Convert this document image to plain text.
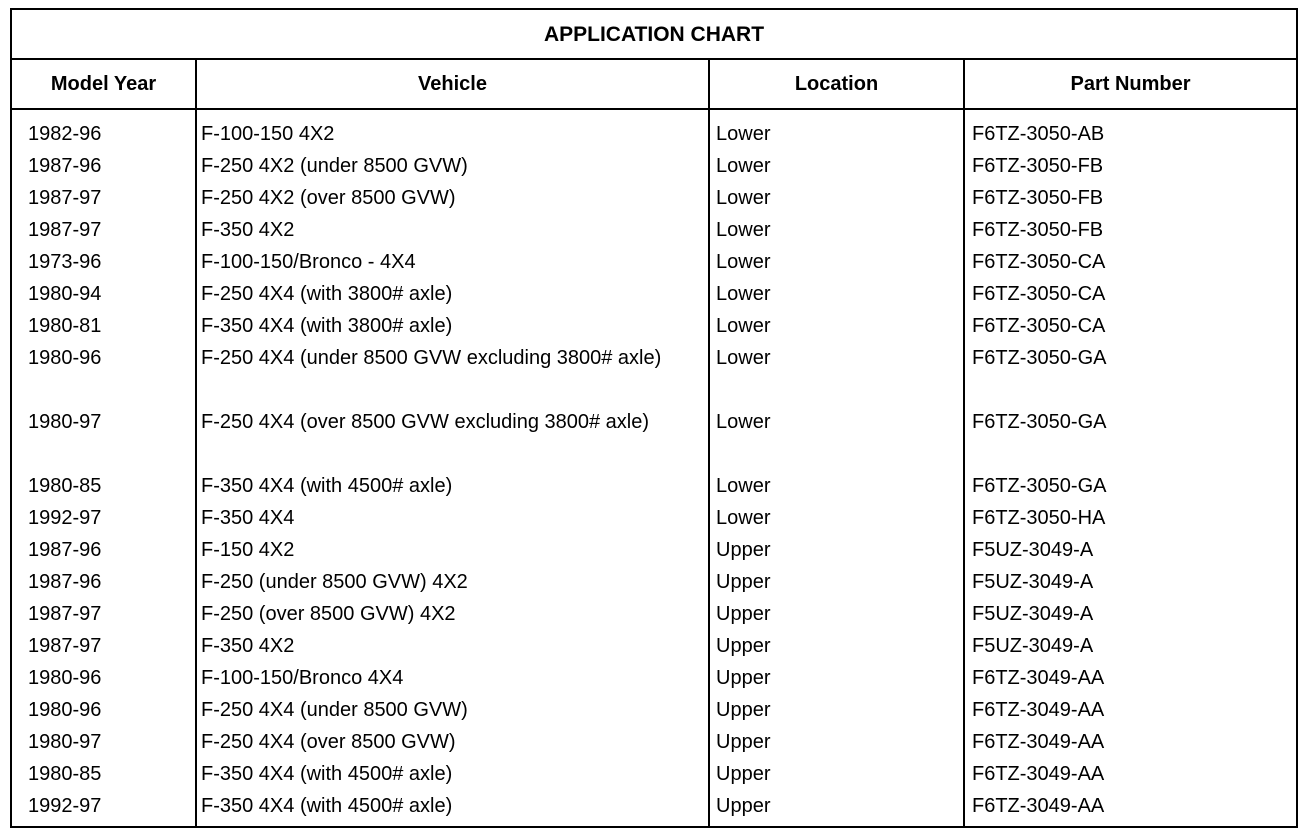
APPLICATION CHART
Model Year	Vehicle	Location	Part Number
1982-96	F-100-150 4X2	Lower	F6TZ-3050-AB
1987-96	F-250 4X2 (under 8500 GVW)	Lower	F6TZ-3050-FB
1987-97	F-250 4X2 (over 8500 GVW)	Lower	F6TZ-3050-FB
1987-97	F-350 4X2	Lower	F6TZ-3050-FB
1973-96	F-100-150/Bronco - 4X4	Lower	F6TZ-3050-CA
1980-94	F-250 4X4 (with 3800# axle)	Lower	F6TZ-3050-CA
1980-81	F-350 4X4 (with 3800# axle)	Lower	F6TZ-3050-CA
1980-96	F-250 4X4 (under 8500 GVW excluding 3800# axle)	Lower	F6TZ-3050-GA
1980-97	F-250 4X4 (over 8500 GVW excluding 3800# axle)	Lower	F6TZ-3050-GA
1980-85	F-350 4X4 (with 4500# axle)	Lower	F6TZ-3050-GA
1992-97	F-350 4X4	Lower	F6TZ-3050-HA
1987-96	F-150 4X2	Upper	F5UZ-3049-A
1987-96	F-250 (under 8500 GVW) 4X2	Upper	F5UZ-3049-A
1987-97	F-250 (over 8500 GVW) 4X2	Upper	F5UZ-3049-A
1987-97	F-350 4X2	Upper	F5UZ-3049-A
1980-96	F-100-150/Bronco 4X4	Upper	F6TZ-3049-AA
1980-96	F-250 4X4 (under 8500 GVW)	Upper	F6TZ-3049-AA
1980-97	F-250 4X4 (over 8500 GVW)	Upper	F6TZ-3049-AA
1980-85	F-350 4X4 (with 4500# axle)	Upper	F6TZ-3049-AA
1992-97	F-350 4X4 (with 4500# axle)	Upper	F6TZ-3049-AA
